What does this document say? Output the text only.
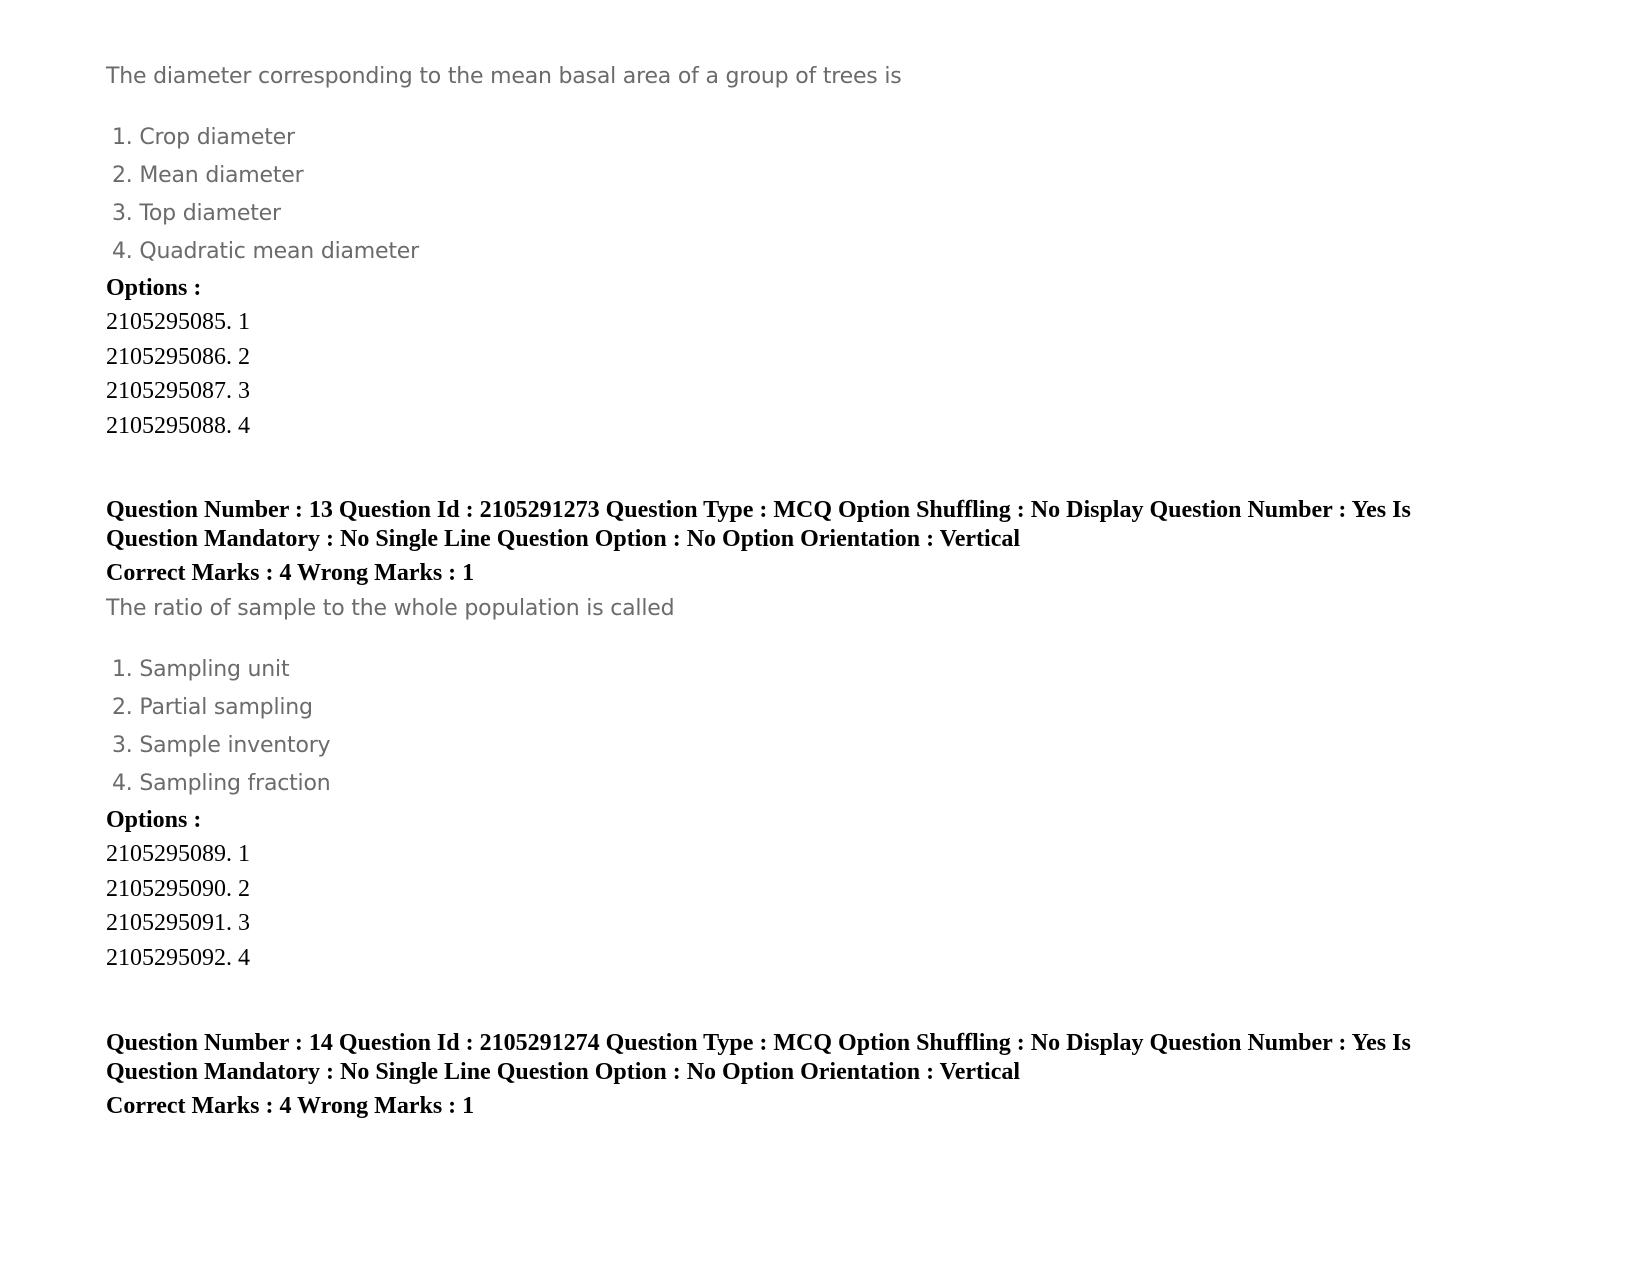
The diameter corresponding to the mean basal area of a group of trees is

1. Crop diameter
2. Mean diameter
3. Top diameter
4. Quadratic mean diameter
Options :
2105295085. 1
2105295086. 2
2105295087. 3
2105295088. 4

Question Number : 13 Question Id : 2105291273 Question Type : MCQ Option Shuffling : No Display Question Number : Yes Is

Question Mandatory : No Single Line Question Option : No Option Orientation : Vertical

Correct Marks : 4 Wrong Marks : 1

The ratio of sample to the whole population is called

1. Sampling unit
2. Partial sampling
3. Sample inventory
4. Sampling fraction
Options :
2105295089. 1
2105295090. 2
2105295091. 3
2105295092. 4

Question Number : 14 Question Id : 2105291274 Question Type : MCQ Option Shuffling : No Display Question Number : Yes Is

Question Mandatory : No Single Line Question Option : No Option Orientation : Vertical

Correct Marks : 4 Wrong Marks : 1
